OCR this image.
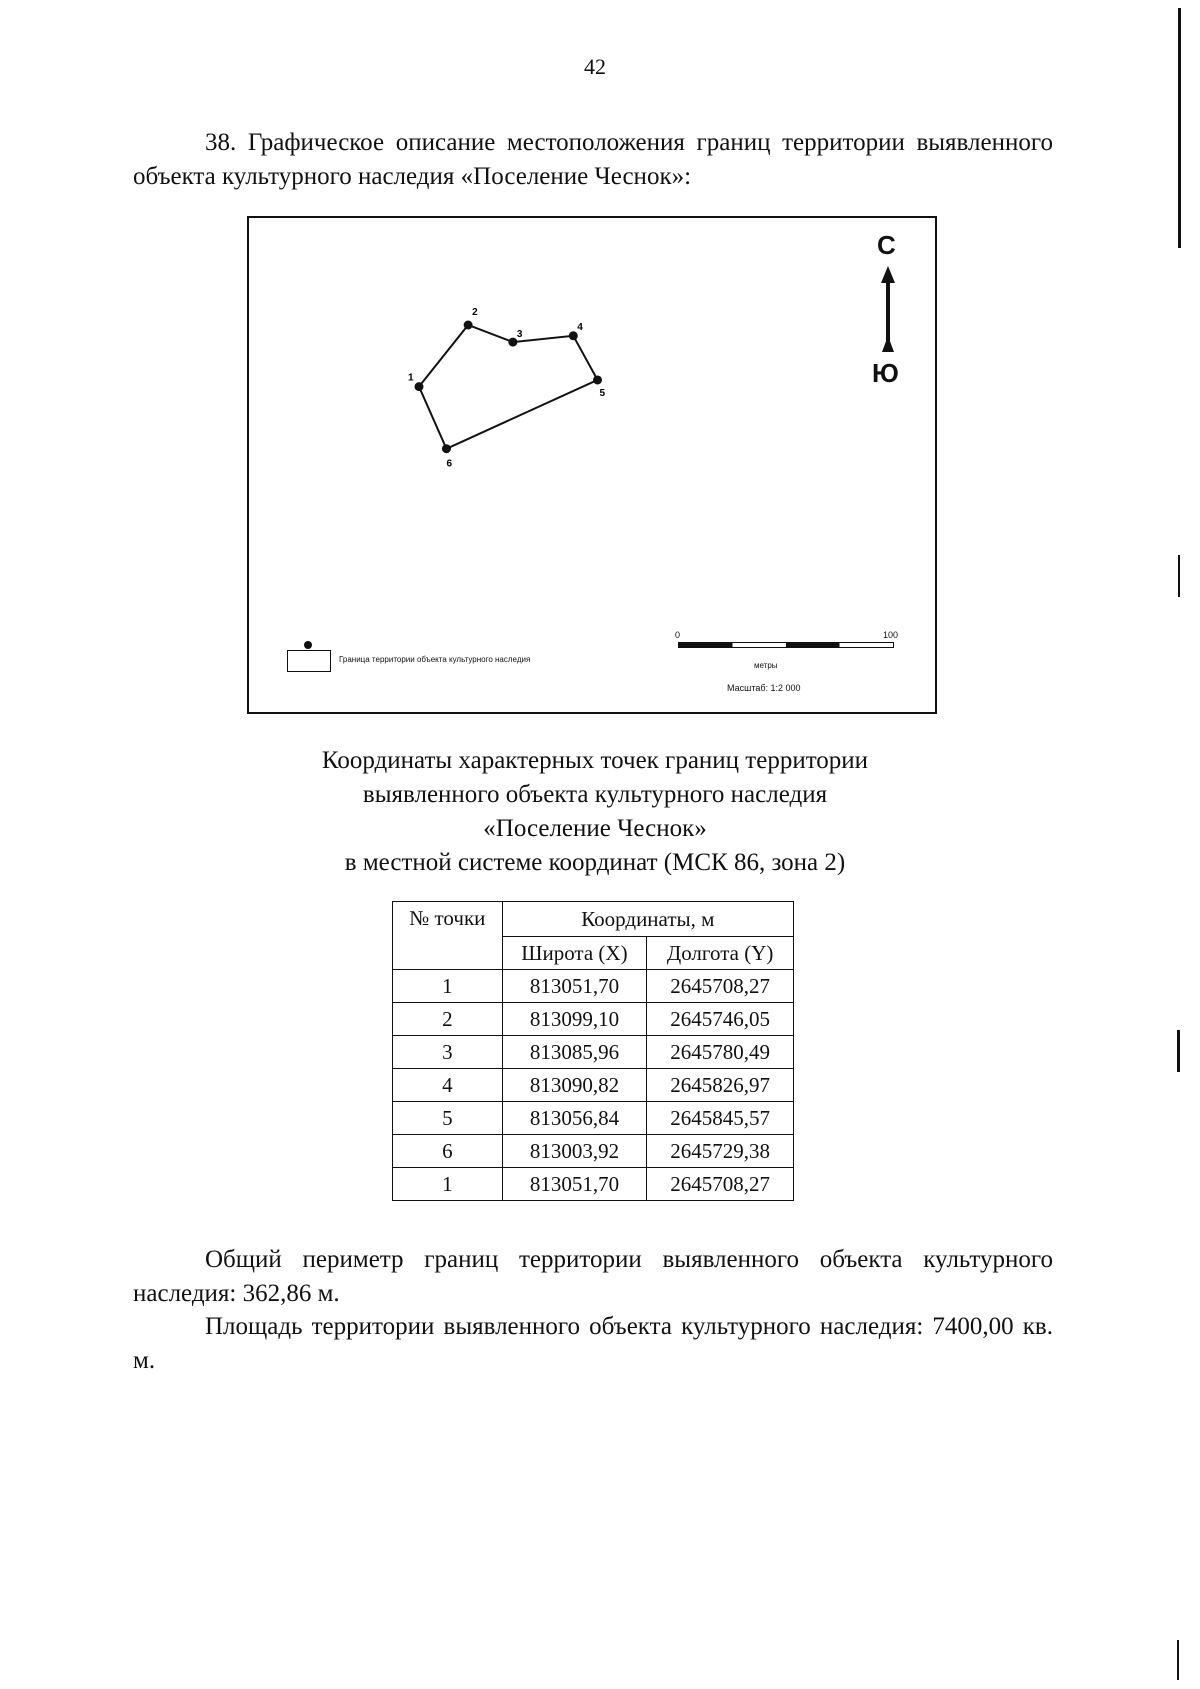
42
38. Графическое описание местоположения границ территории выявленного объекта культурного наследия «Поселение Чеснок»:
1
2
3
4
5
6
С
Ю
Граница территории объекта культурного наследия
0	100
метры
Масштаб: 1:2 000
Координаты характерных точек границ территории
выявленного объекта культурного наследия
«Поселение Чеснок»
в местной системе координат (МСК 86, зона 2)
№ точки	Координаты, м	
	Широта (X)	Долгота (Y)
1	813051,70	2645708,27
2	813099,10	2645746,05
3	813085,96	2645780,49
4	813090,82	2645826,97
5	813056,84	2645845,57
6	813003,92	2645729,38
1	813051,70	2645708,27
Общий периметр границ территории выявленного объекта культурного наследия: 362,86 м.
Площадь территории выявленного объекта культурного наследия: 7400,00 кв. м.
